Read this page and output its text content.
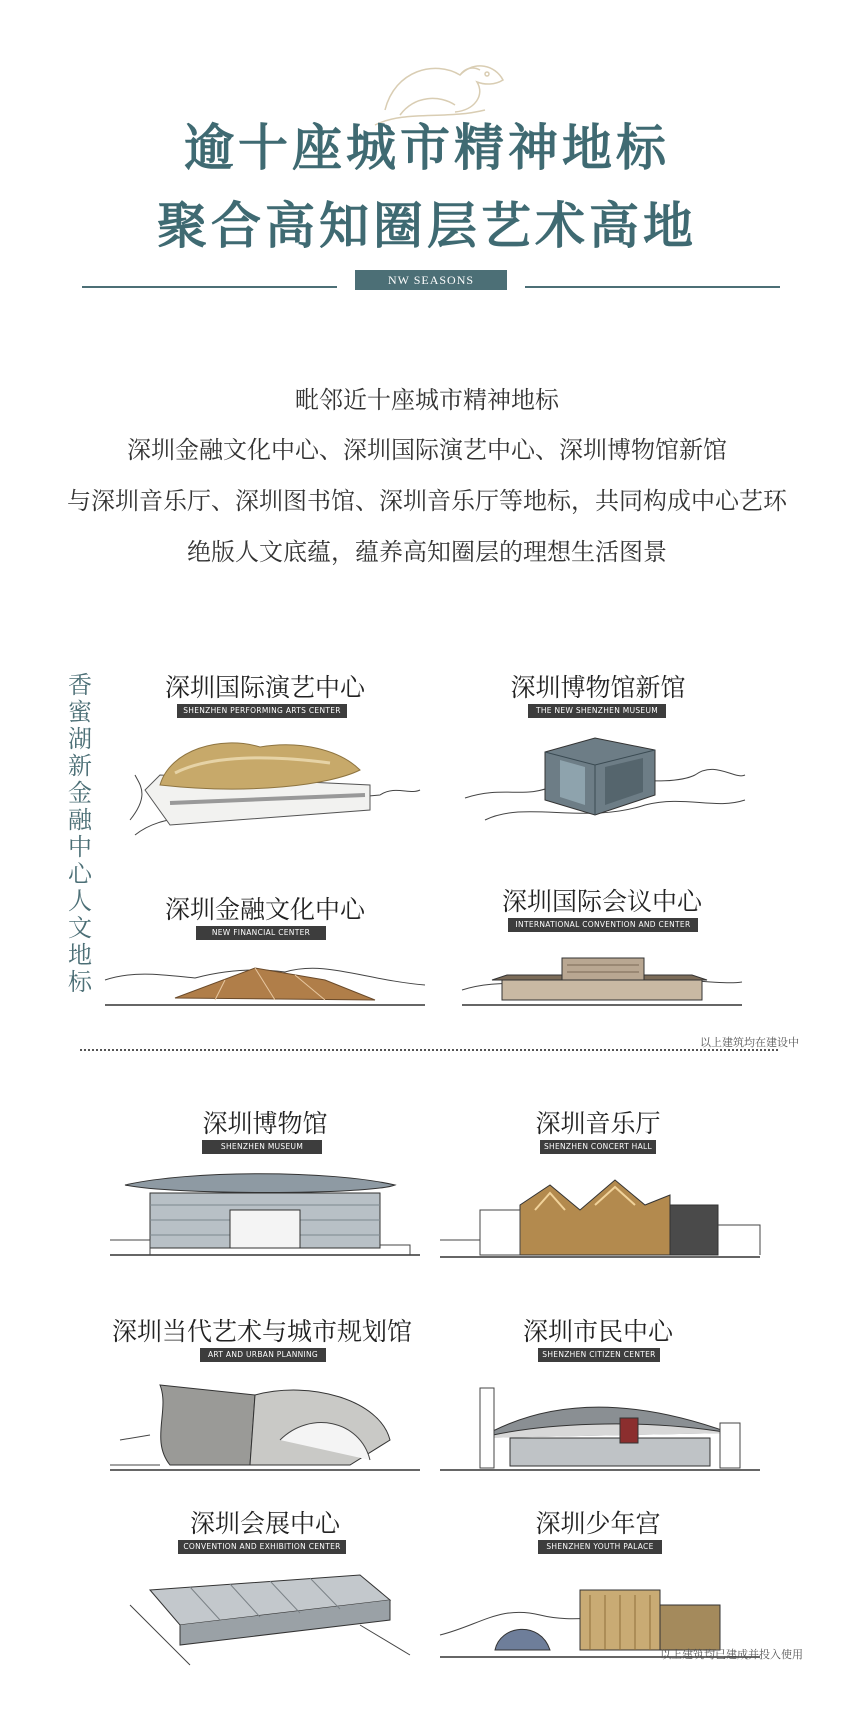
逾十座城市精神地标
聚合高知圈层艺术高地
NW SEASONS
毗邻近十座城市精神地标
深圳金融文化中心、深圳国际演艺中心、深圳博物馆新馆
与深圳音乐厅、深圳图书馆、深圳音乐厅等地标，共同构成中心艺环
绝版人文底蕴，蕴养高知圈层的理想生活图景
香
蜜
湖
新
金
融
中
心
人
文
地
标
深圳国际演艺中心
SHENZHEN PERFORMING ARTS CENTER
深圳博物馆新馆
THE NEW SHENZHEN MUSEUM
深圳金融文化中心
NEW FINANCIAL CENTER
深圳国际会议中心
INTERNATIONAL CONVENTION AND CENTER
以上建筑均在建设中
深圳博物馆
SHENZHEN MUSEUM
深圳音乐厅
SHENZHEN CONCERT HALL
深圳当代艺术与城市规划馆
ART AND URBAN PLANNING
深圳市民中心
SHENZHEN CITIZEN CENTER
深圳会展中心
CONVENTION AND EXHIBITION CENTER
深圳少年宫
SHENZHEN YOUTH PALACE
以上建筑均已建成并投入使用
